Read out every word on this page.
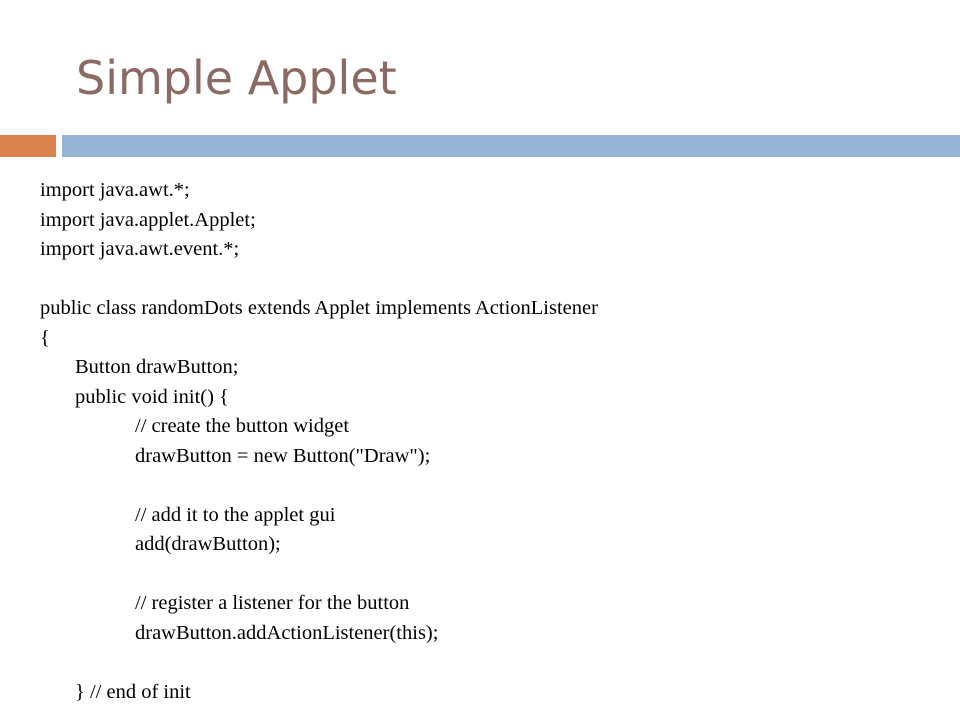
Simple Applet
import java.awt.*;
import java.applet.Applet;
import java.awt.event.*;
public class randomDots extends Applet implements ActionListener
{
Button drawButton;
public void init() {
// create the button widget
drawButton = new Button("Draw");
// add it to the applet gui
add(drawButton);
// register a listener for the button
drawButton.addActionListener(this);
} // end of init
